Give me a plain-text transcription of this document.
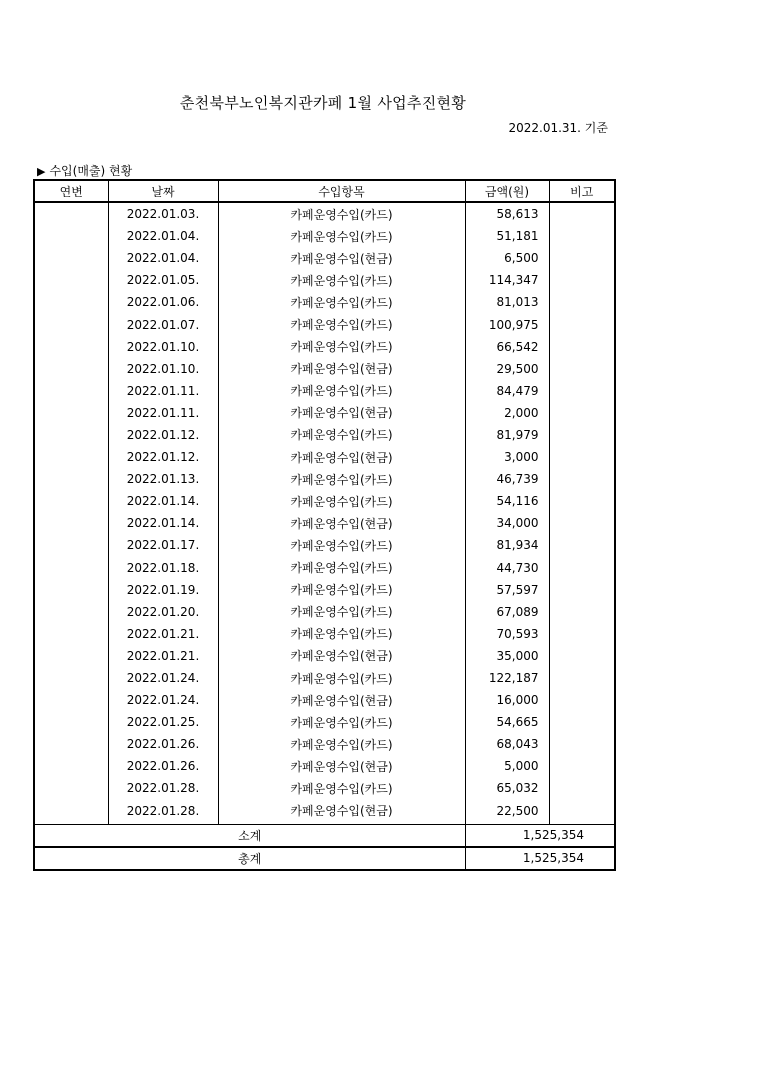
춘천북부노인복지관카페 1월 사업추진현황
2022.01.31. 기준
▶ 수입(매출) 현황
연변	날짜	수입항목	금액(원)	비고
	2022.01.03.	카페운영수입(카드)	58,613	
	2022.01.04.	카페운영수입(카드)	51,181	
	2022.01.04.	카페운영수입(현금)	6,500	
	2022.01.05.	카페운영수입(카드)	114,347	
	2022.01.06.	카페운영수입(카드)	81,013	
	2022.01.07.	카페운영수입(카드)	100,975	
	2022.01.10.	카페운영수입(카드)	66,542	
	2022.01.10.	카페운영수입(현금)	29,500	
	2022.01.11.	카페운영수입(카드)	84,479	
	2022.01.11.	카페운영수입(현금)	2,000	
	2022.01.12.	카페운영수입(카드)	81,979	
	2022.01.12.	카페운영수입(현금)	3,000	
	2022.01.13.	카페운영수입(카드)	46,739	
	2022.01.14.	카페운영수입(카드)	54,116	
	2022.01.14.	카페운영수입(현금)	34,000	
	2022.01.17.	카페운영수입(카드)	81,934	
	2022.01.18.	카페운영수입(카드)	44,730	
	2022.01.19.	카페운영수입(카드)	57,597	
	2022.01.20.	카페운영수입(카드)	67,089	
	2022.01.21.	카페운영수입(카드)	70,593	
	2022.01.21.	카페운영수입(현금)	35,000	
	2022.01.24.	카페운영수입(카드)	122,187	
	2022.01.24.	카페운영수입(현금)	16,000	
	2022.01.25.	카페운영수입(카드)	54,665	
	2022.01.26.	카페운영수입(카드)	68,043	
	2022.01.26.	카페운영수입(현금)	5,000	
	2022.01.28.	카페운영수입(카드)	65,032	
	2022.01.28.	카페운영수입(현금)	22,500	
소계			1,525,354	
총계			1,525,354	
